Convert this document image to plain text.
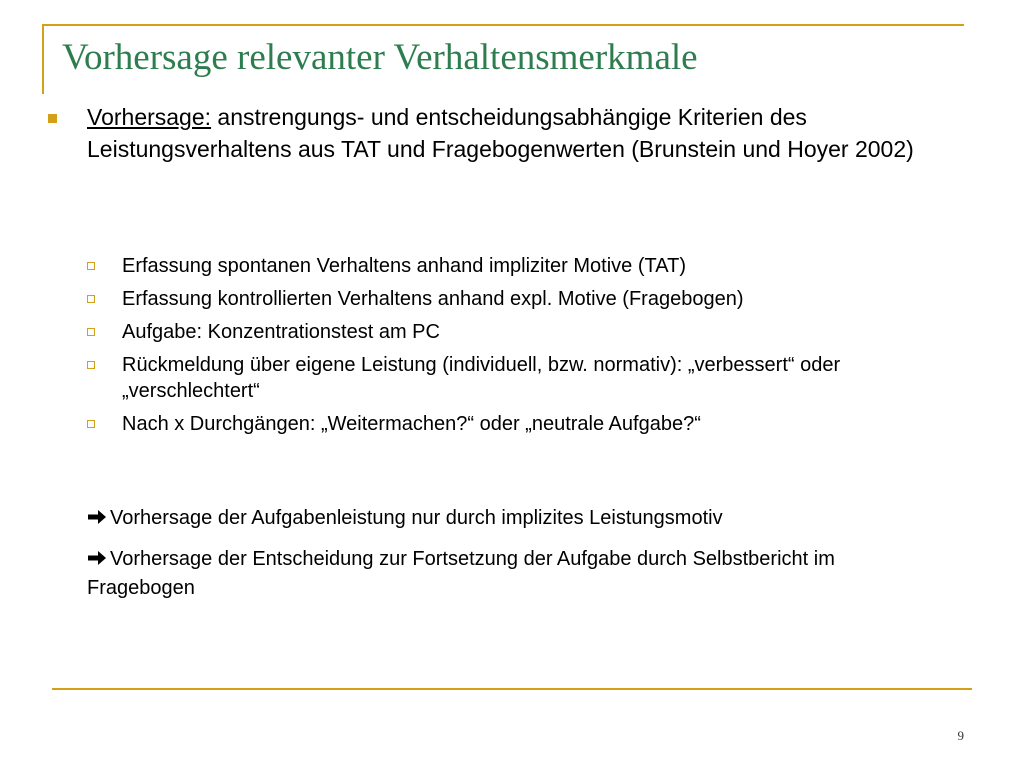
Vorhersage relevanter Verhaltensmerkmale

Vorhersage: anstrengungs- und entscheidungsabhängige Kriterien des Leistungsverhaltens aus TAT und Fragebogenwerten (Brunstein und Hoyer 2002)

Erfassung spontanen Verhaltens anhand impliziter Motive (TAT)
Erfassung kontrollierten Verhaltens anhand expl. Motive (Fragebogen)
Aufgabe: Konzentrationstest am PC
Rückmeldung über eigene Leistung (individuell, bzw. normativ): „verbessert“ oder „verschlechtert“
Nach x Durchgängen: „Weitermachen?“ oder „neutrale Aufgabe?“

Vorhersage der Aufgabenleistung nur durch implizites Leistungsmotiv

Vorhersage der Entscheidung zur Fortsetzung der Aufgabe durch Selbstbericht im Fragebogen

9
